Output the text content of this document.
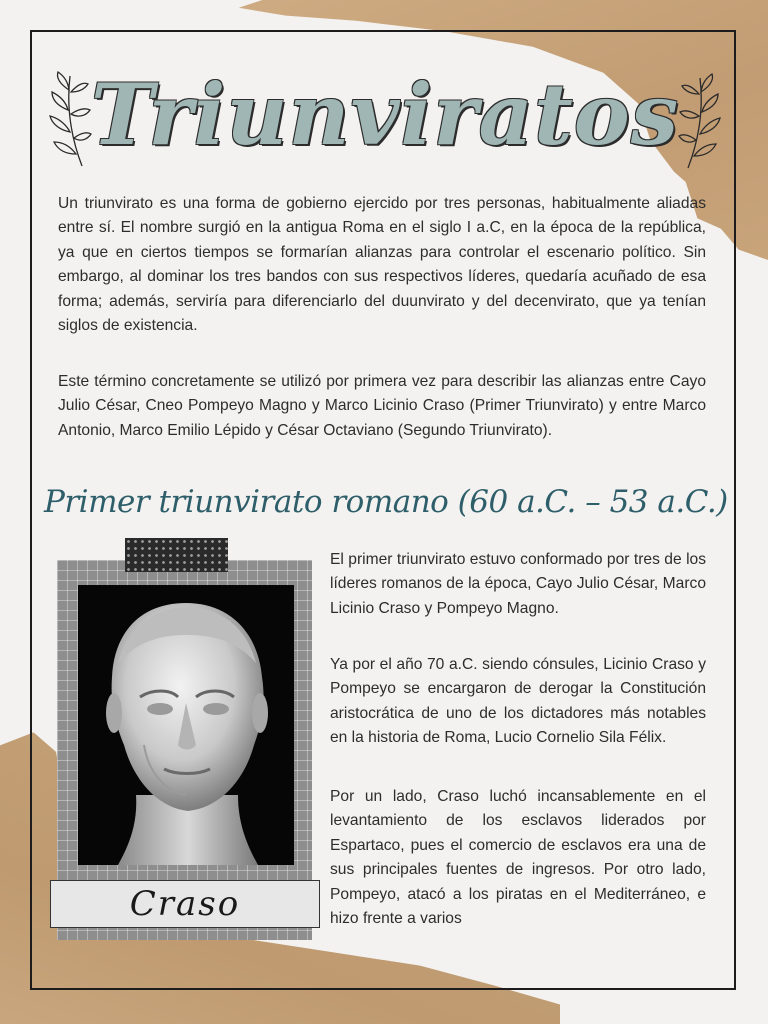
Triunviratos

Un triunvirato es una forma de gobierno ejercido por tres personas, habitualmente aliadas entre sí. El nombre surgió en la antigua Roma en el siglo I a.C, en la época de la república, ya que en ciertos tiempos se formarían alianzas para controlar el escenario político. Sin embargo, al dominar los tres bandos con sus respectivos líderes, quedaría acuñado de esa forma; además, serviría para diferenciarlo del duunvirato y del decenvirato, que ya tenían siglos de existencia.

Este término concretamente se utilizó por primera vez para describir las alianzas entre Cayo Julio César, Cneo Pompeyo Magno y Marco Licinio Craso (Primer Triunvirato) y entre Marco Antonio, Marco Emilio Lépido y César Octaviano (Segundo Triunvirato).

Primer triunvirato romano (60 a.C. – 53 a.C.)
Craso

El primer triunvirato estuvo conformado por tres de los líderes romanos de la época, Cayo Julio César, Marco Licinio Craso y Pompeyo Magno.

Ya por el año 70 a.C. siendo cónsules, Licinio Craso y Pompeyo se encargaron de derogar la Constitución aristocrática de uno de los dictadores más notables en la historia de Roma, Lucio Cornelio Sila Félix.

Por un lado, Craso luchó incansablemente en el levantamiento de los esclavos liderados por Espartaco, pues el comercio de esclavos era una de sus principales fuentes de ingresos. Por otro lado, Pompeyo, atacó a los piratas en el Mediterráneo, e hizo frente a varios
